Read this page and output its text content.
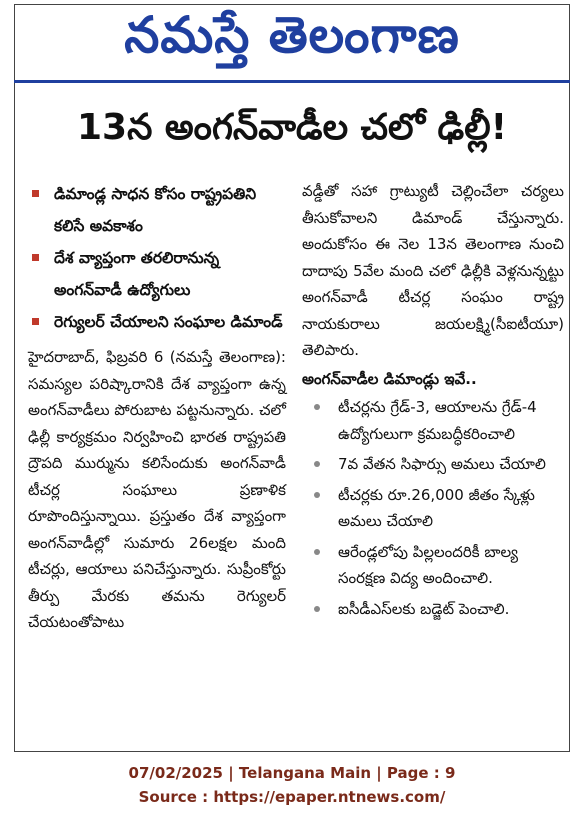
నమస్తే తెలంగాణ
13న అంగన్‌వాడీల చలో ఢిల్లీ!
డిమాండ్ల సాధన కోసం రాష్ట్రపతిని కలిసే అవకాశం
దేశ వ్యాప్తంగా తరలిరానున్న అంగన్‌వాడీ ఉద్యోగులు
రెగ్యులర్ చేయాలని సంఘాల డిమాండ్

హైదరాబాద్, ఫిబ్రవరి 6 (నమస్తే తెలంగాణ): సమస్యల పరిష్కారానికి దేశ వ్యాప్తంగా ఉన్న అంగన్‌వాడీలు పోరుబాట పట్టనున్నారు. చలో ఢిల్లీ కార్యక్రమం నిర్వహించి భారత రాష్ట్రపతి ద్రౌపది ముర్మును కలిసేందుకు అంగన్‌వాడీ టీచర్ల సంఘాలు ప్రణాళిక రూపొందిస్తున్నాయి. ప్రస్తుతం దేశ వ్యాప్తంగా అంగన్‌వాడీల్లో సుమారు 26లక్షల మంది టీచర్లు, ఆయాలు పనిచేస్తున్నారు. సుప్రీంకోర్టు తీర్పు మేరకు తమను రెగ్యులర్ చేయటంతోపాటు

వడ్డీతో సహా గ్రాట్యుటీ చెల్లించేలా చర్యలు తీసుకోవాలని డిమాండ్ చేస్తున్నారు. అందుకోసం ఈ నెల 13న తెలంగాణ నుంచి దాదాపు 5వేల మంది చలో ఢిల్లీకి వెళ్లనున్నట్టు అంగన్‌వాడీ టీచర్ల సంఘం రాష్ట్ర నాయకురాలు జయలక్ష్మి(సీఐటీయూ) తెలిపారు.

అంగన్‌వాడీల డిమాండ్లు ఇవే..
టీచర్లను గ్రేడ్-3, ఆయాలను గ్రేడ్-4 ఉద్యోగులుగా క్రమబద్ధీకరించాలి
7వ వేతన సిఫార్సు అమలు చేయాలి
టీచర్లకు రూ.26,000 జీతం స్కేళ్లు అమలు చేయాలి
ఆరేండ్లలోపు పిల్లలందరికీ బాల్య సంరక్షణ విద్య అందించాలి.
ఐసీడీఎస్‌లకు బడ్జెట్ పెంచాలి.
07/02/2025 | Telangana Main | Page : 9
Source : https://epaper.ntnews.com/
